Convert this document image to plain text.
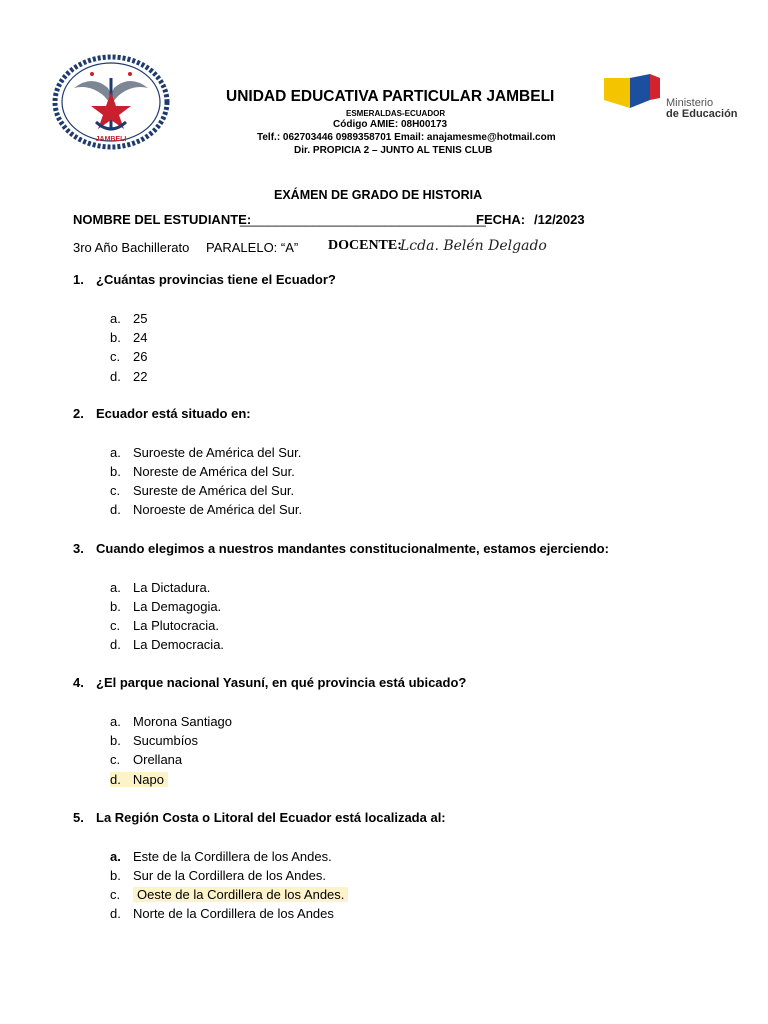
JAMBELI
Ministerio
de Educación
UNIDAD EDUCATIVA PARTICULAR JAMBELI
ESMERALDAS-ECUADOR
Código AMIE: 08H00173
Telf.: 062703446 0989358701 Email: anajamesme@hotmail.com
Dir. PROPICIA 2 – JUNTO AL TENIS CLUB
EXÁMEN DE GRADO DE HISTORIA
NOMBRE DEL ESTUDIANTE:
__________________________________
FECHA: /12/2023
3ro Año Bachillerato PARALELO: “A” DOCENTE:
Lcda. Belén Delgado
1. ¿Cuántas provincias tiene el Ecuador?
a. 25
b. 24
c. 26
d. 22
2. Ecuador está situado en:
a. Suroeste de América del Sur.
b. Noreste de América del Sur.
c. Sureste de América del Sur.
d. Noroeste de América del Sur.
3. Cuando elegimos a nuestros mandantes constitucionalmente, estamos ejerciendo:
a. La Dictadura.
b. La Demagogia.
c. La Plutocracia.
d. La Democracia.
4. ¿El parque nacional Yasuní, en qué provincia está ubicado?
a. Morona Santiago
b. Sucumbíos
c. Orellana
d. Napo
5. La Región Costa o Litoral del Ecuador está localizada al:
a. Este de la Cordillera de los Andes.
b. Sur de la Cordillera de los Andes.
c. Oeste de la Cordillera de los Andes.
d. Norte de la Cordillera de los Andes
